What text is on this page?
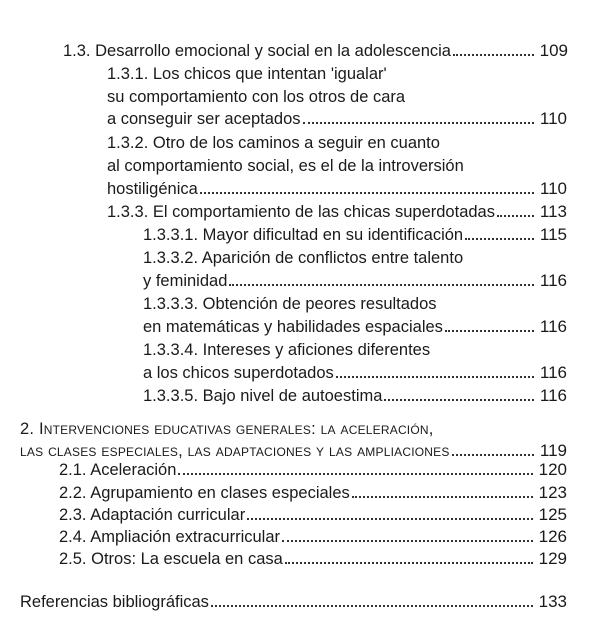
1.3. Desarrollo emocional y social en la adolescencia	109
1.3.1. Los chicos que intentan 'igualar'
su comportamiento con los otros de cara
a conseguir ser aceptados	110
1.3.2. Otro de los caminos a seguir en cuanto
al comportamiento social, es el de la introversión
hostiligénica	110
1.3.3. El comportamiento de las chicas superdotadas	113
1.3.3.1. Mayor dificultad en su identificación	115
1.3.3.2. Aparición de conflictos entre talento
y feminidad	116
1.3.3.3. Obtención de peores resultados
en matemáticas y habilidades espaciales	116
1.3.3.4. Intereses y aficiones diferentes
a los chicos superdotados	116
1.3.3.5. Bajo nivel de autoestima	116
2. Intervenciones educativas generales: la aceleración,
las clases especiales, las adaptaciones y las ampliaciones	119
2.1. Aceleración	120
2.2. Agrupamiento en clases especiales	123
2.3. Adaptación curricular	125
2.4. Ampliación extracurricular	126
2.5. Otros: La escuela en casa	129
Referencias bibliográficas	133
